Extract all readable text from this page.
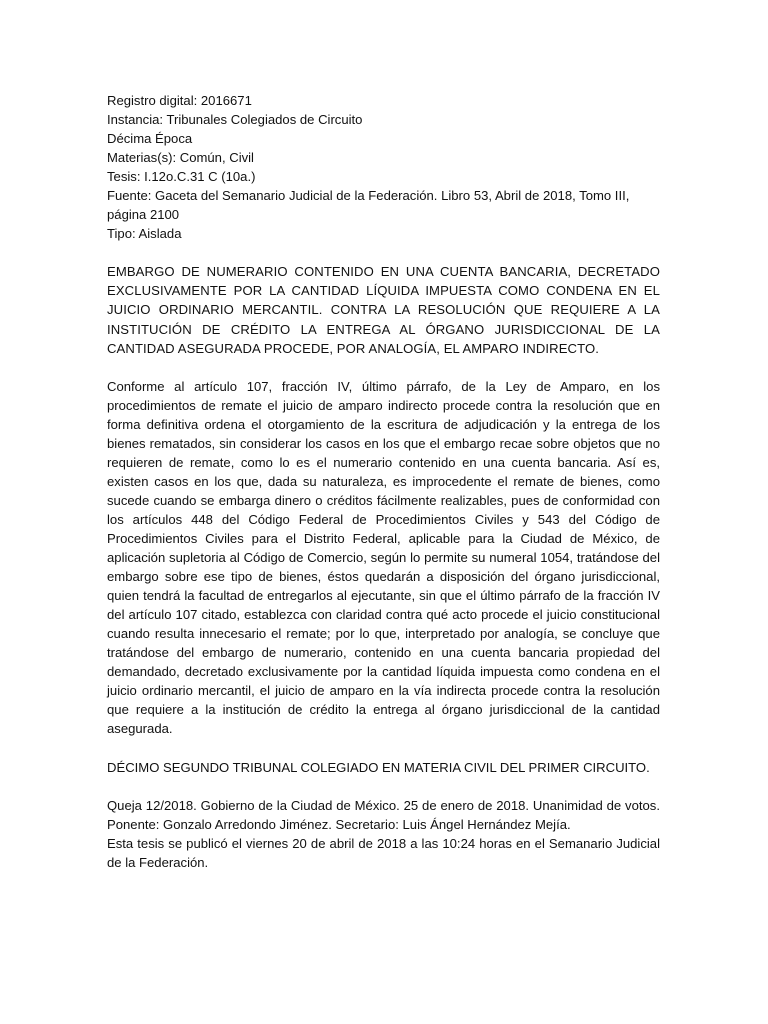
Registro digital: 2016671
Instancia: Tribunales Colegiados de Circuito
Décima Época
Materias(s): Común, Civil
Tesis: I.12o.C.31 C (10a.)
Fuente: Gaceta del Semanario Judicial de la Federación. Libro 53, Abril de 2018, Tomo III, página 2100
Tipo: Aislada

EMBARGO DE NUMERARIO CONTENIDO EN UNA CUENTA BANCARIA, DECRETADO EXCLUSIVAMENTE POR LA CANTIDAD LÍQUIDA IMPUESTA COMO CONDENA EN EL JUICIO ORDINARIO MERCANTIL. CONTRA LA RESOLUCIÓN QUE REQUIERE A LA INSTITUCIÓN DE CRÉDITO LA ENTREGA AL ÓRGANO JURISDICCIONAL DE LA CANTIDAD ASEGURADA PROCEDE, POR ANALOGÍA, EL AMPARO INDIRECTO.

Conforme al artículo 107, fracción IV, último párrafo, de la Ley de Amparo, en los procedimientos de remate el juicio de amparo indirecto procede contra la resolución que en forma definitiva ordena el otorgamiento de la escritura de adjudicación y la entrega de los bienes rematados, sin considerar los casos en los que el embargo recae sobre objetos que no requieren de remate, como lo es el numerario contenido en una cuenta bancaria. Así es, existen casos en los que, dada su naturaleza, es improcedente el remate de bienes, como sucede cuando se embarga dinero o créditos fácilmente realizables, pues de conformidad con los artículos 448 del Código Federal de Procedimientos Civiles y 543 del Código de Procedimientos Civiles para el Distrito Federal, aplicable para la Ciudad de México, de aplicación supletoria al Código de Comercio, según lo permite su numeral 1054, tratándose del embargo sobre ese tipo de bienes, éstos quedarán a disposición del órgano jurisdiccional, quien tendrá la facultad de entregarlos al ejecutante, sin que el último párrafo de la fracción IV del artículo 107 citado, establezca con claridad contra qué acto procede el juicio constitucional cuando resulta innecesario el remate; por lo que, interpretado por analogía, se concluye que tratándose del embargo de numerario, contenido en una cuenta bancaria propiedad del demandado, decretado exclusivamente por la cantidad líquida impuesta como condena en el juicio ordinario mercantil, el juicio de amparo en la vía indirecta procede contra la resolución que requiere a la institución de crédito la entrega al órgano jurisdiccional de la cantidad asegurada.

DÉCIMO SEGUNDO TRIBUNAL COLEGIADO EN MATERIA CIVIL DEL PRIMER CIRCUITO.

Queja 12/2018. Gobierno de la Ciudad de México. 25 de enero de 2018. Unanimidad de votos. Ponente: Gonzalo Arredondo Jiménez. Secretario: Luis Ángel Hernández Mejía.

Esta tesis se publicó el viernes 20 de abril de 2018 a las 10:24 horas en el Semanario Judicial de la Federación.
